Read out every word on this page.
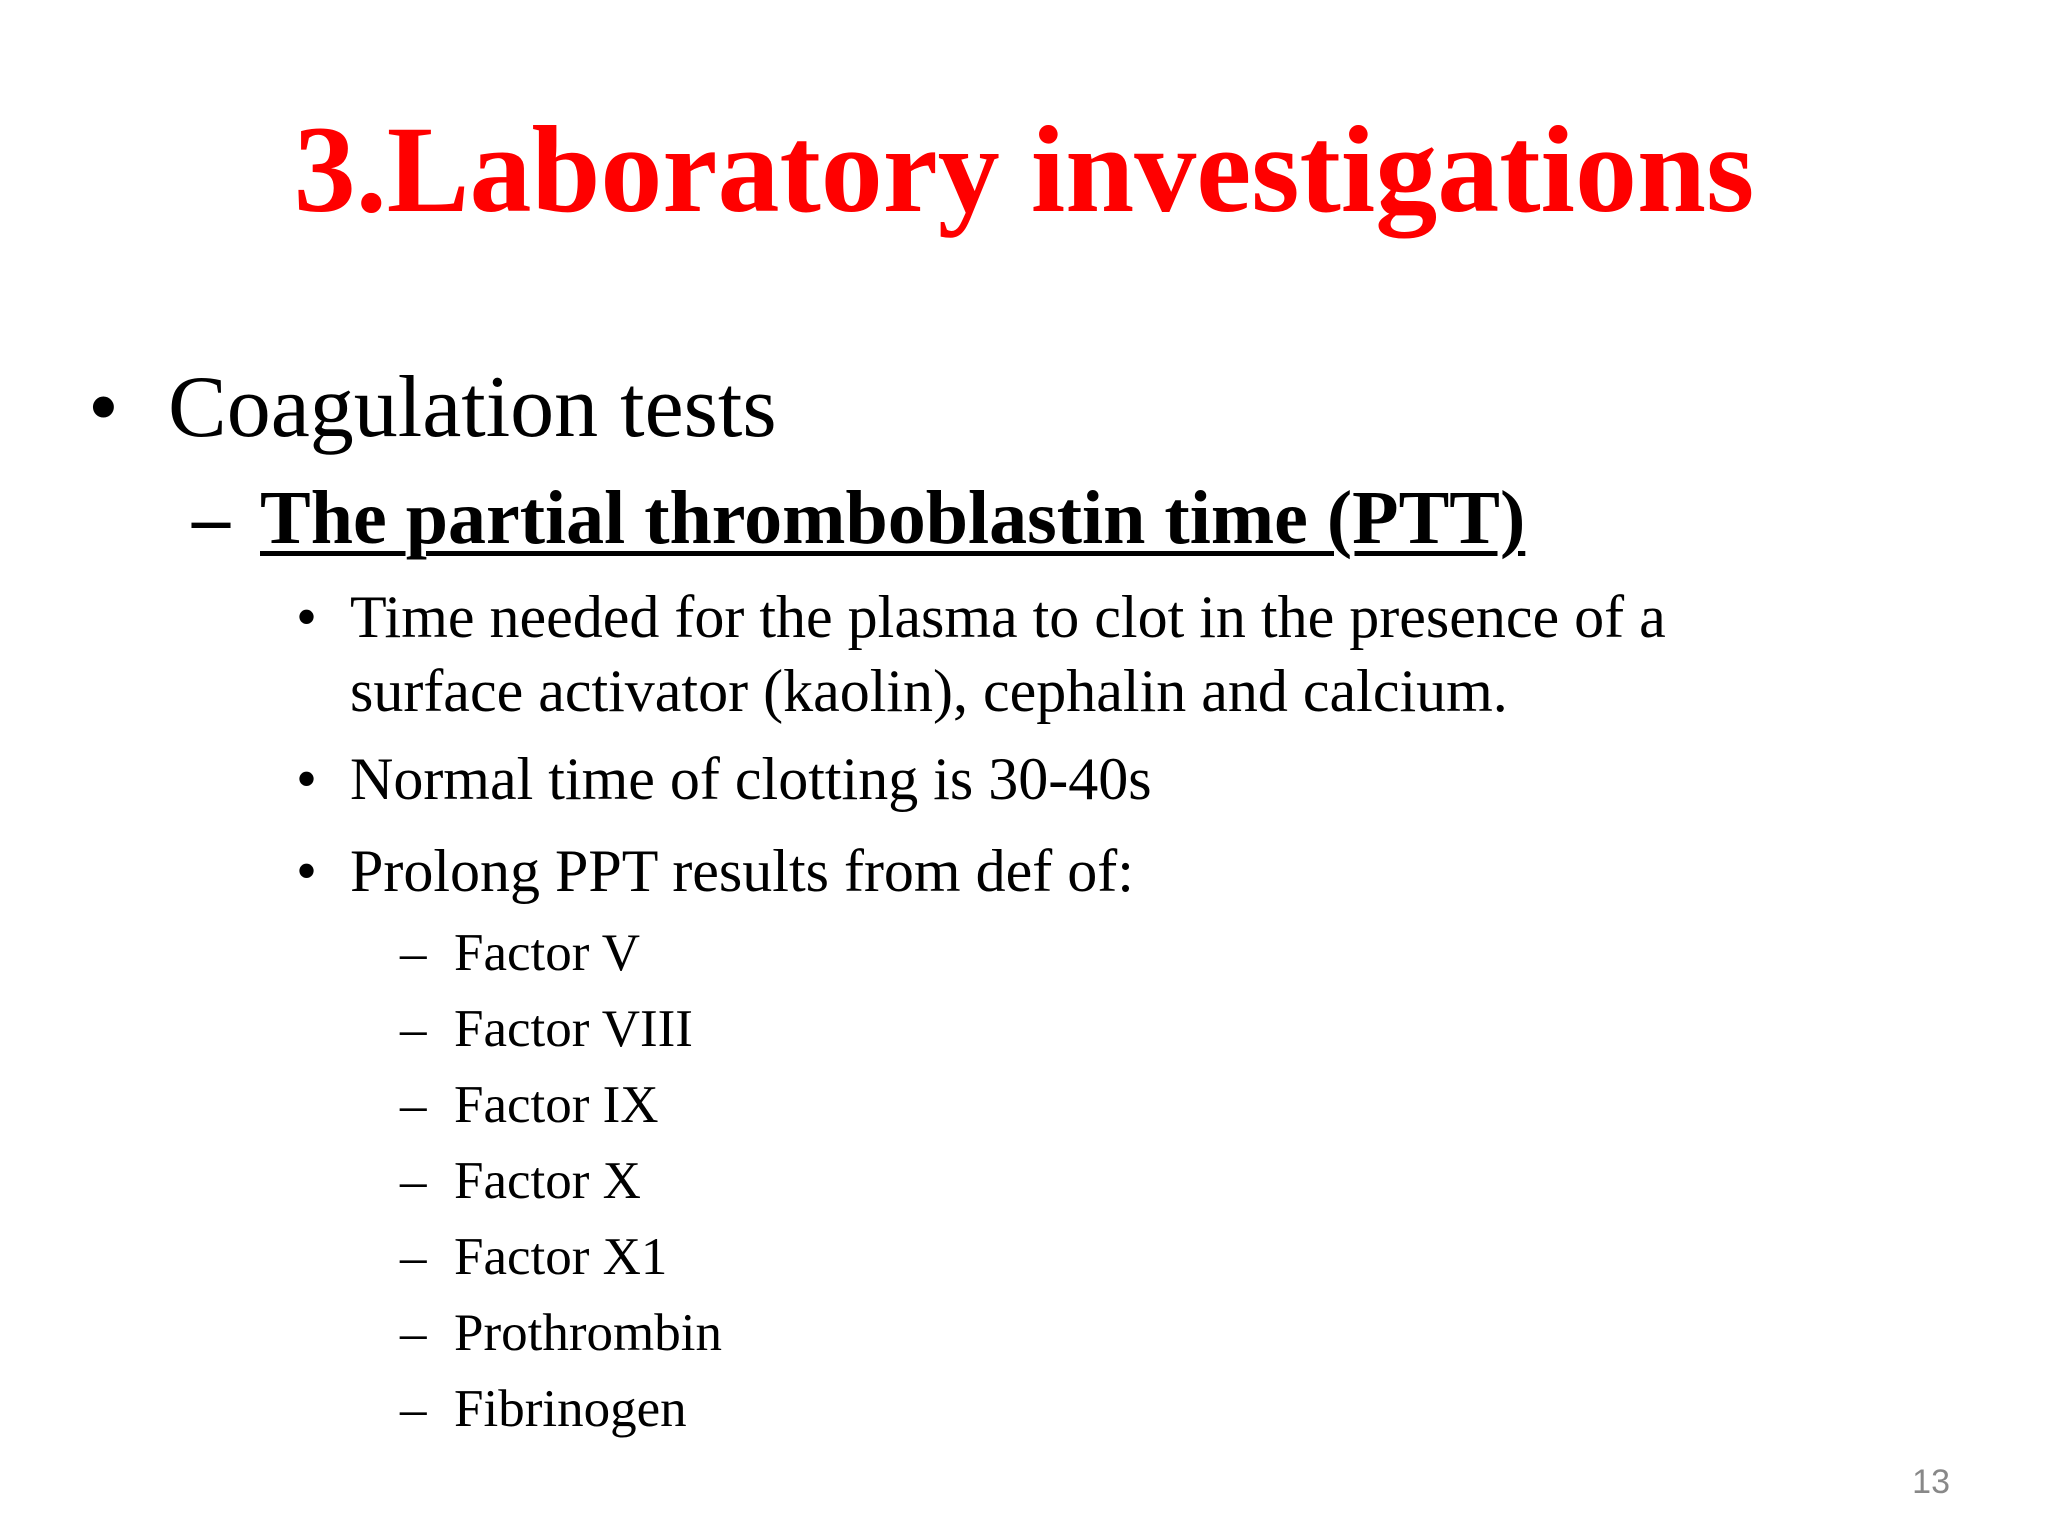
3.Laboratory investigations
• Coagulation tests
– The partial thromboblastin time (PTT)
• Time needed for the plasma to clot in the presence of a
surface activator (kaolin), cephalin and calcium.
• Normal time of clotting is 30-40s
• Prolong PPT results from def of:
– Factor V
– Factor VIII
– Factor IX
– Factor X
– Factor X1
– Prothrombin
– Fibrinogen
13
